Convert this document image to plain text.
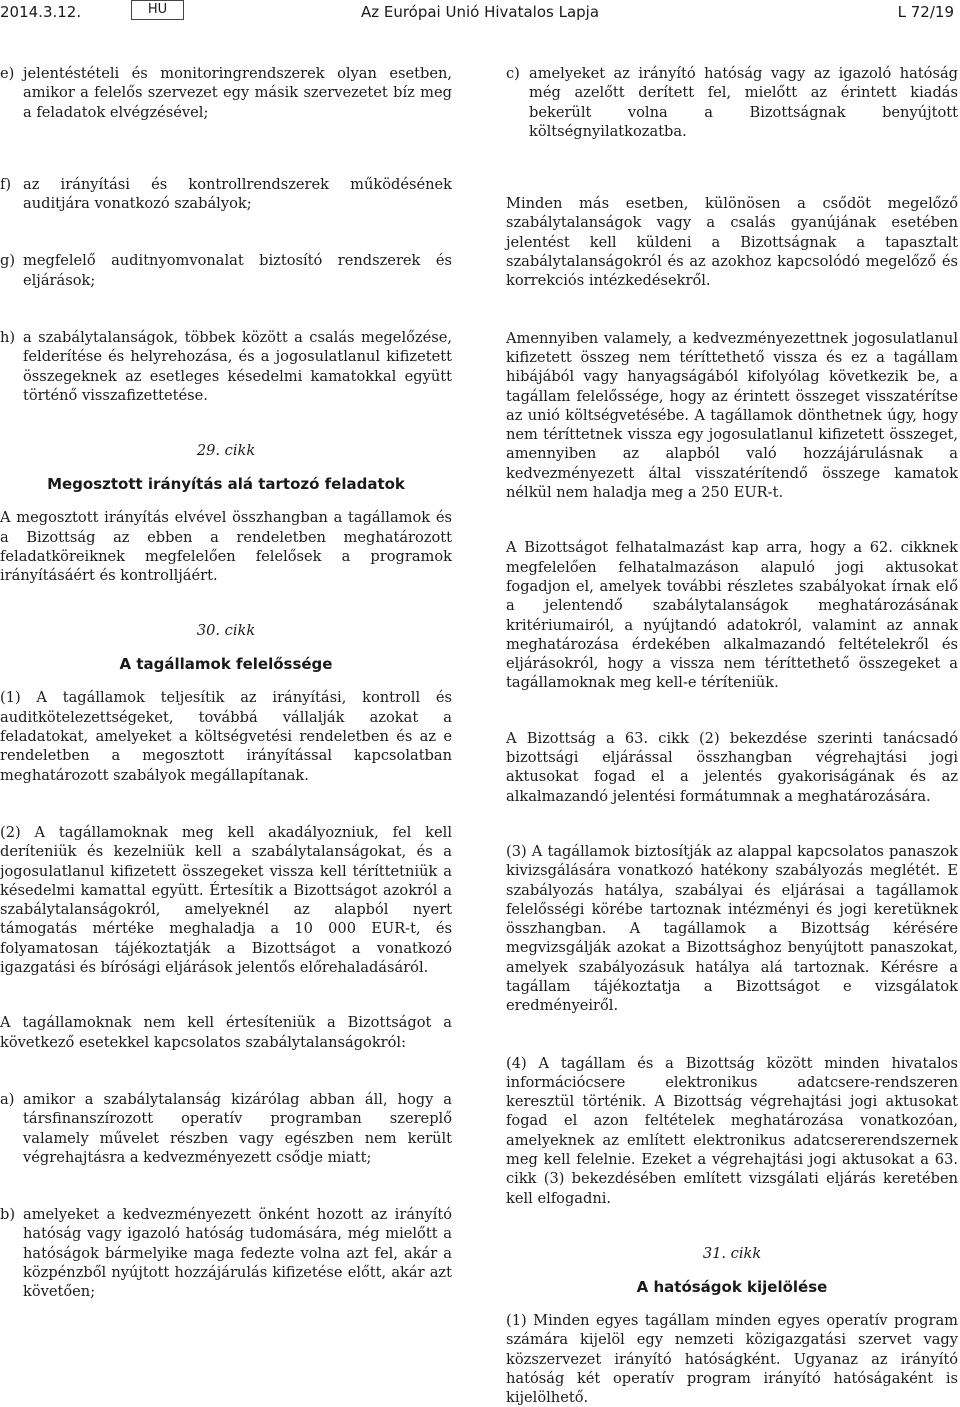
2014.3.12.	HU	Az Európai Unió Hivatalos Lapja	L 72/19
e) jelentéstételi és monitoringrendszerek olyan esetben, amikor a felelős szervezet egy másik szervezetet bíz meg a feladatok elvégzésével;
f) az irányítási és kontrollrendszerek működésének auditjára vonatkozó szabályok;
g) megfelelő auditnyomvonalat biztosító rendszerek és eljárások;
h) a szabálytalanságok, többek között a csalás megelőzése, felderítése és helyrehozása, és a jogosulatlanul kifizetett összegeknek az esetleges késedelmi kamatokkal együtt történő visszafizettetése.

29. cikk

Megosztott irányítás alá tartozó feladatok

A megosztott irányítás elvével összhangban a tagállamok és a Bizottság az ebben a rendeletben meghatározott feladatköreiknek megfelelően felelősek a programok irányításáért és kontrolljáért.

30. cikk

A tagállamok felelőssége

(1) A tagállamok teljesítik az irányítási, kontroll és auditkötelezettségeket, továbbá vállalják azokat a feladatokat, amelyeket a költségvetési rendeletben és az e rendeletben a megosztott irányítással kapcsolatban meghatározott szabályok megállapítanak.

(2) A tagállamoknak meg kell akadályozniuk, fel kell deríteniük és kezelniük kell a szabálytalanságokat, és a jogosulatlanul kifizetett összegeket vissza kell téríttetniük a késedelmi kamattal együtt. Értesítik a Bizottságot azokról a szabálytalanságokról, amelyeknél az alapból nyert támogatás mértéke meghaladja a 10 000 EUR-t, és folyamatosan tájékoztatják a Bizottságot a vonatkozó igazgatási és bírósági eljárások jelentős előrehaladásáról.

A tagállamoknak nem kell értesíteniük a Bizottságot a következő esetekkel kapcsolatos szabálytalanságokról:

a) amikor a szabálytalanság kizárólag abban áll, hogy a társfinanszírozott operatív programban szereplő valamely művelet részben vagy egészben nem került végrehajtásra a kedvezményezett csődje miatt;
b) amelyeket a kedvezményezett önként hozott az irányító hatóság vagy igazoló hatóság tudomására, még mielőtt a hatóságok bármelyike maga fedezte volna azt fel, akár a közpénzből nyújtott hozzájárulás kifizetése előtt, akár azt követően;
c) amelyeket az irányító hatóság vagy az igazoló hatóság még azelőtt derített fel, mielőtt az érintett kiadás bekerült volna a Bizottságnak benyújtott költségnyilatkozatba.

Minden más esetben, különösen a csődöt megelőző szabálytalanságok vagy a csalás gyanújának esetében jelentést kell küldeni a Bizottságnak a tapasztalt szabálytalanságokról és az azokhoz kapcsolódó megelőző és korrekciós intézkedésekről.

Amennyiben valamely, a kedvezményezettnek jogosulatlanul kifizetett összeg nem téríttethető vissza és ez a tagállam hibájából vagy hanyagságából kifolyólag következik be, a tagállam felelőssége, hogy az érintett összeget visszatérítse az unió költségvetésébe. A tagállamok dönthetnek úgy, hogy nem téríttetnek vissza egy jogosulatlanul kifizetett összeget, amennyiben az alapból való hozzájárulásnak a kedvezményezett által visszatérítendő összege kamatok nélkül nem haladja meg a 250 EUR-t.

A Bizottságot felhatalmazást kap arra, hogy a 62. cikknek megfelelően felhatalmazáson alapuló jogi aktusokat fogadjon el, amelyek további részletes szabályokat írnak elő a jelentendő szabálytalanságok meghatározásának kritériumairól, a nyújtandó adatokról, valamint az annak meghatározása érdekében alkalmazandó feltételekről és eljárásokról, hogy a vissza nem téríttethető összegeket a tagállamoknak meg kell-e téríteniük.

A Bizottság a 63. cikk (2) bekezdése szerinti tanácsadó bizottsági eljárással összhangban végrehajtási jogi aktusokat fogad el a jelentés gyakoriságának és az alkalmazandó jelentési formátumnak a meghatározására.

(3) A tagállamok biztosítják az alappal kapcsolatos panaszok kivizsgálására vonatkozó hatékony szabályozás meglétét. E szabályozás hatálya, szabályai és eljárásai a tagállamok felelősségi körébe tartoznak intézményi és jogi keretüknek összhangban. A tagállamok a Bizottság kérésére megvizsgálják azokat a Bizottsághoz benyújtott panaszokat, amelyek szabályozásuk hatálya alá tartoznak. Kérésre a tagállam tájékoztatja a Bizottságot e vizsgálatok eredményeiről.

(4) A tagállam és a Bizottság között minden hivatalos információcsere elektronikus adatcsere-rendszeren keresztül történik. A Bizottság végrehajtási jogi aktusokat fogad el azon feltételek meghatározása vonatkozóan, amelyeknek az említett elektronikus adatcsererendszernek meg kell felelnie. Ezeket a végrehajtási jogi aktusokat a 63. cikk (3) bekezdésében említett vizsgálati eljárás keretében kell elfogadni.

31. cikk

A hatóságok kijelölése

(1) Minden egyes tagállam minden egyes operatív program számára kijelöl egy nemzeti közigazgatási szervet vagy közszervezet irányító hatóságként. Ugyanaz az irányító hatóság két operatív program irányító hatóságaként is kijelölhető.
